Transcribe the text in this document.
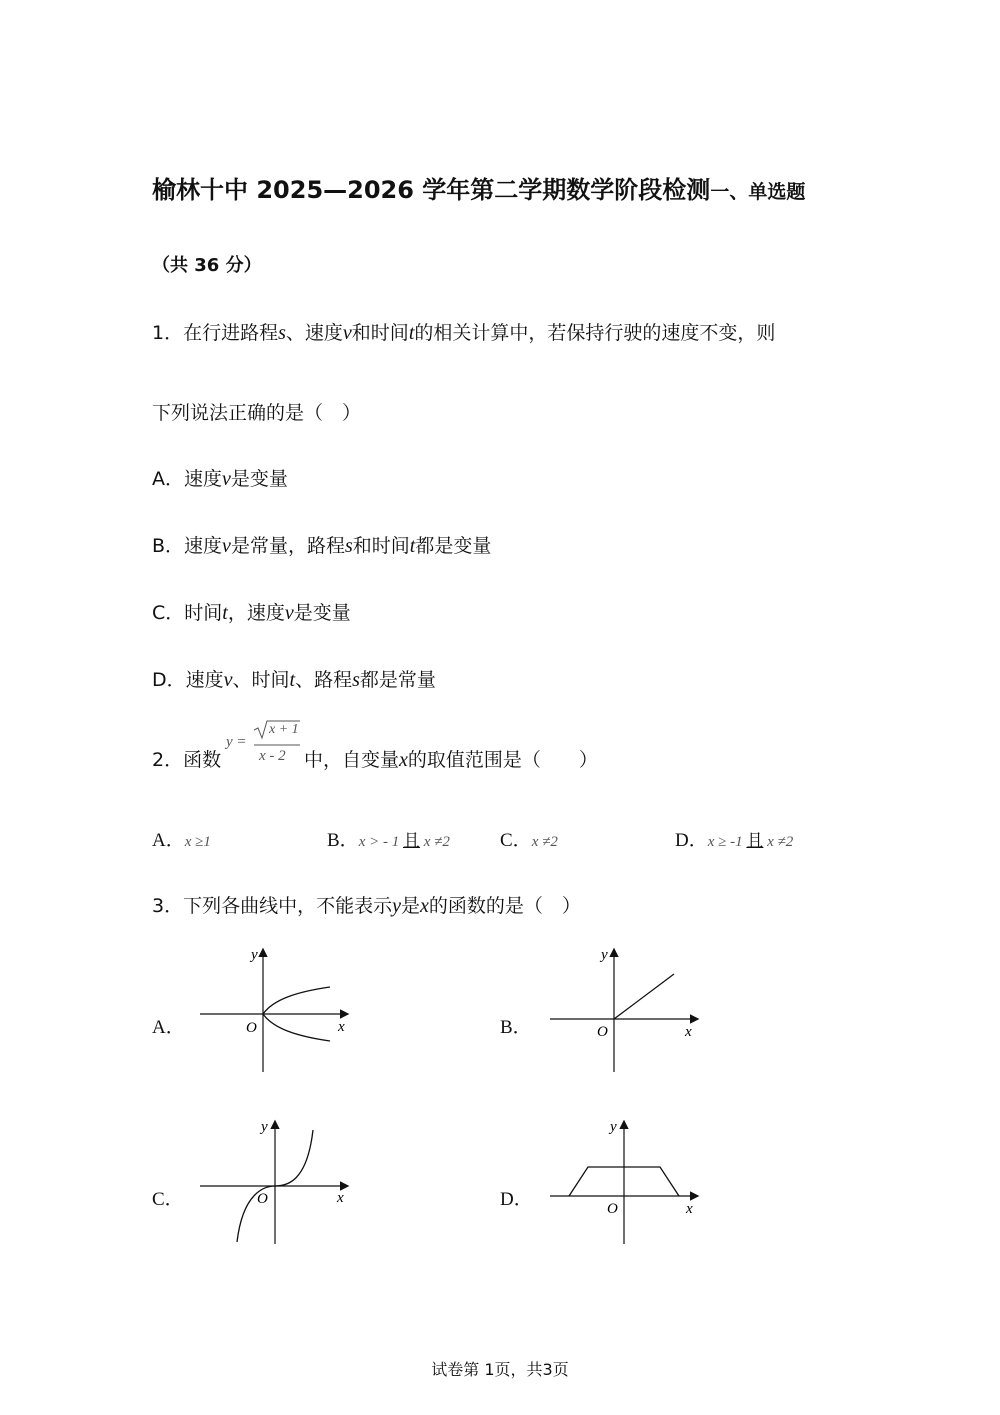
榆林十中 2025—2026 学年第二学期数学阶段检测一、单选题
（共 36 分）
1．在行进路程s、速度v和时间t的相关计算中，若保持行驶的速度不变，则
下列说法正确的是（　）
A．速度v是变量
B．速度v是常量，路程s和时间t都是变量
C．时间t，速度v是变量
D．速度v、时间t、路程s都是常量
2．函数
y =
x + 1
x - 2 中，自变量x的取值范围是（　　）
A．x ≥1	B．x > - 1 且 x ≠2	C．x ≠2	D．x ≥ -1 且 x ≠2
3．下列各曲线中，不能表示y是x的函数的是（　）
A．
y
x
O	B．
y
x
O
C．
y
x
O	D．
y
x
O
试卷第 1页，共3页
